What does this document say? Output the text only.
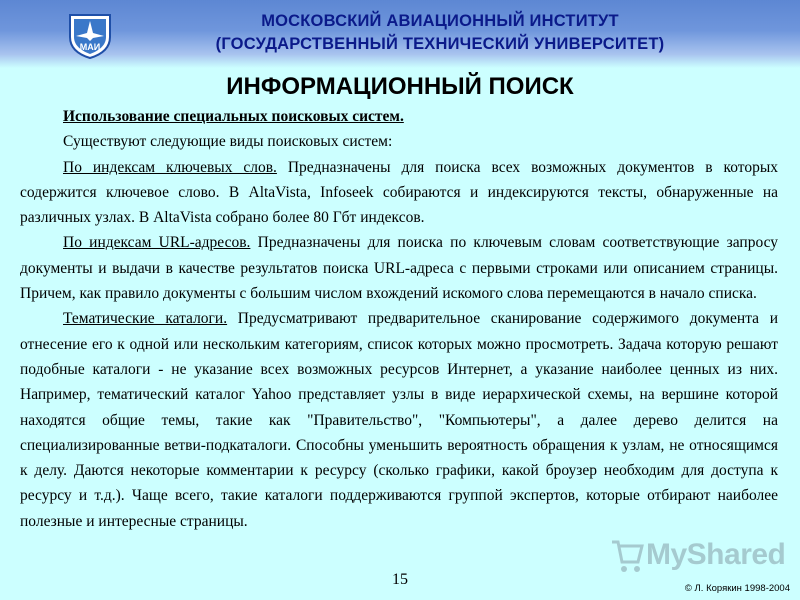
МАИ
МОСКОВСКИЙ АВИАЦИОННЫЙ ИНСТИТУТ
(ГОСУДАРСТВЕННЫЙ ТЕХНИЧЕСКИЙ УНИВЕРСИТЕТ)
ИНФОРМАЦИОННЫЙ ПОИСК

Использование специальных поисковых систем.

Существуют следующие виды поисковых систем:

По индексам ключевых слов. Предназначены для поиска всех возможных документов в которых содержится ключевое слово. В AltaVista, Infoseek собираются и индексируются тексты, обнаруженные на различных узлах. В AltaVista собрано более 80 Гбт индексов.

По индексам URL-адресов. Предназначены для поиска по ключевым словам соответствующие запросу документы и выдачи в качестве результатов поиска URL-адреса с первыми строками или описанием страницы. Причем, как правило документы с большим числом вхождений искомого слова перемещаются в начало списка.

Тематические каталоги. Предусматривают предварительное сканирование содержимого документа и отнесение его к одной или нескольким категориям, список которых можно просмотреть. Задача которую решают подобные каталоги - не указание всех возможных ресурсов Интернет, а указание наиболее ценных из них. Например, тематический каталог Yahoo представляет узлы в виде иерархической схемы, на вершине которой находятся общие темы, такие как "Правительство", "Компьютеры", а далее дерево делится на специализированные ветви-подкаталоги. Способны уменьшить вероятность обращения к узлам, не относящимся к делу. Даются некоторые комментарии к ресурсу (сколько графики, какой броузер необходим для доступа к ресурсу и т.д.). Чаще всего, такие каталоги поддерживаются группой экспертов, которые отбирают наиболее полезные и интересные страницы.

15
MyShared
© Л. Корякин 1998-2004
